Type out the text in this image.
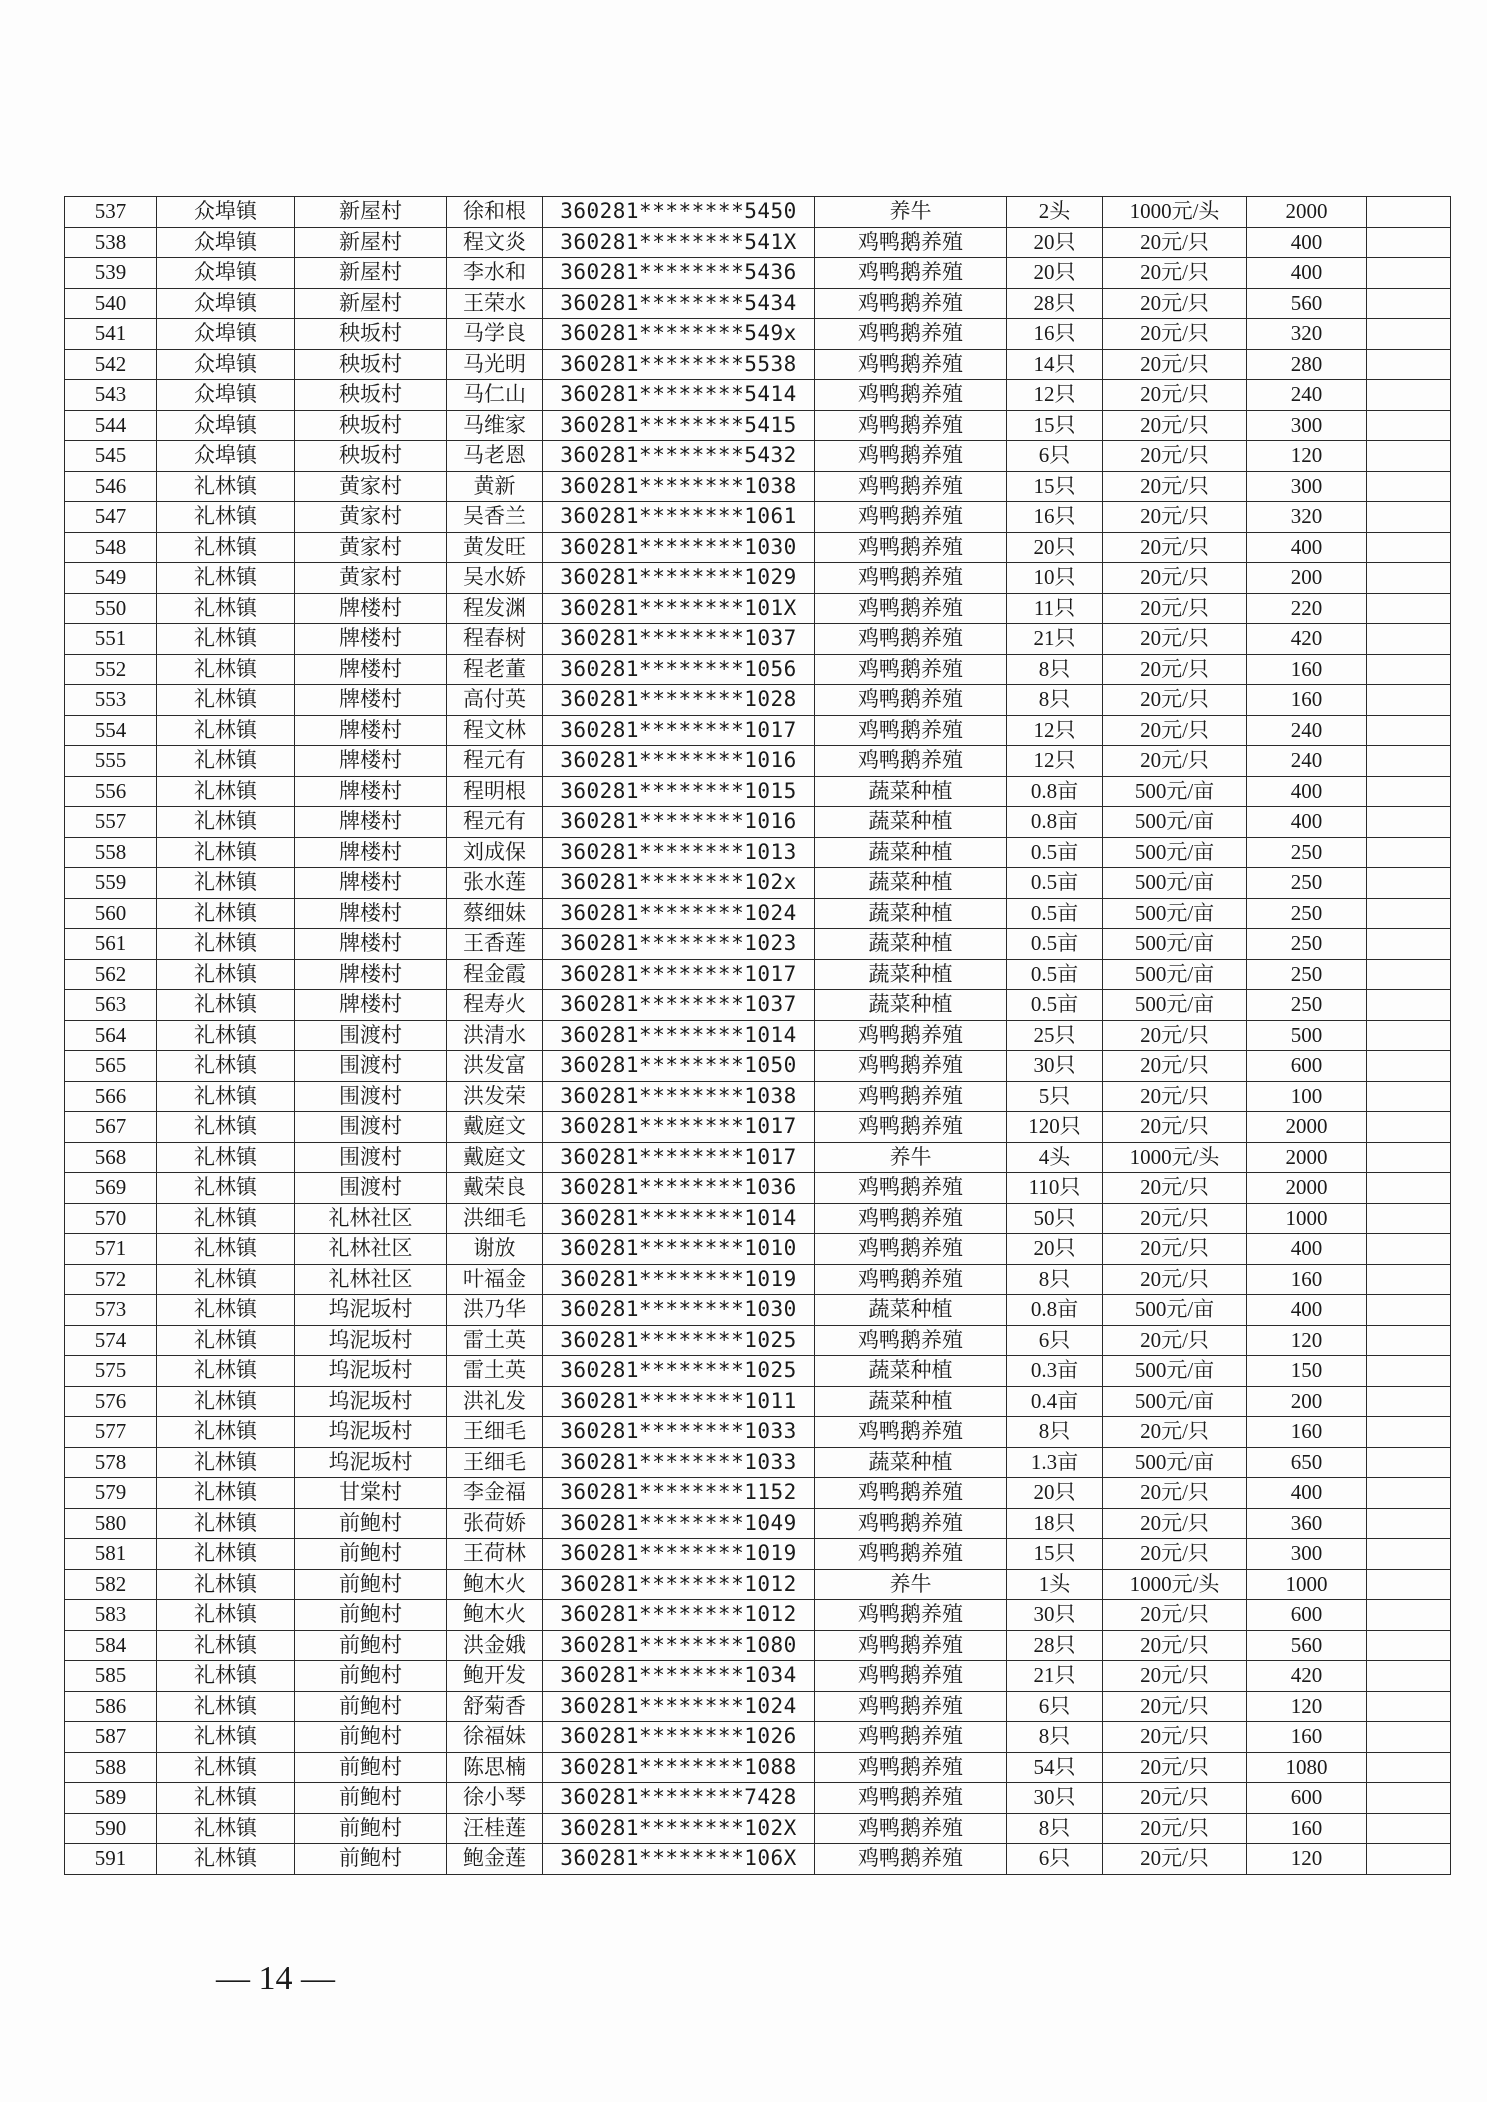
537	众埠镇	新屋村	徐和根	360281********5450	养牛	2头	1000元/头	2000	
538	众埠镇	新屋村	程文炎	360281********541X	鸡鸭鹅养殖	20只	20元/只	400	
539	众埠镇	新屋村	李水和	360281********5436	鸡鸭鹅养殖	20只	20元/只	400	
540	众埠镇	新屋村	王荣水	360281********5434	鸡鸭鹅养殖	28只	20元/只	560	
541	众埠镇	秧坂村	马学良	360281********549x	鸡鸭鹅养殖	16只	20元/只	320	
542	众埠镇	秧坂村	马光明	360281********5538	鸡鸭鹅养殖	14只	20元/只	280	
543	众埠镇	秧坂村	马仁山	360281********5414	鸡鸭鹅养殖	12只	20元/只	240	
544	众埠镇	秧坂村	马维家	360281********5415	鸡鸭鹅养殖	15只	20元/只	300	
545	众埠镇	秧坂村	马老恩	360281********5432	鸡鸭鹅养殖	6只	20元/只	120	
546	礼林镇	黄家村	黄新	360281********1038	鸡鸭鹅养殖	15只	20元/只	300	
547	礼林镇	黄家村	吴香兰	360281********1061	鸡鸭鹅养殖	16只	20元/只	320	
548	礼林镇	黄家村	黄发旺	360281********1030	鸡鸭鹅养殖	20只	20元/只	400	
549	礼林镇	黄家村	吴水娇	360281********1029	鸡鸭鹅养殖	10只	20元/只	200	
550	礼林镇	牌楼村	程发渊	360281********101X	鸡鸭鹅养殖	11只	20元/只	220	
551	礼林镇	牌楼村	程春树	360281********1037	鸡鸭鹅养殖	21只	20元/只	420	
552	礼林镇	牌楼村	程老董	360281********1056	鸡鸭鹅养殖	8只	20元/只	160	
553	礼林镇	牌楼村	高付英	360281********1028	鸡鸭鹅养殖	8只	20元/只	160	
554	礼林镇	牌楼村	程文林	360281********1017	鸡鸭鹅养殖	12只	20元/只	240	
555	礼林镇	牌楼村	程元有	360281********1016	鸡鸭鹅养殖	12只	20元/只	240	
556	礼林镇	牌楼村	程明根	360281********1015	蔬菜种植	0.8亩	500元/亩	400	
557	礼林镇	牌楼村	程元有	360281********1016	蔬菜种植	0.8亩	500元/亩	400	
558	礼林镇	牌楼村	刘成保	360281********1013	蔬菜种植	0.5亩	500元/亩	250	
559	礼林镇	牌楼村	张水莲	360281********102x	蔬菜种植	0.5亩	500元/亩	250	
560	礼林镇	牌楼村	蔡细妹	360281********1024	蔬菜种植	0.5亩	500元/亩	250	
561	礼林镇	牌楼村	王香莲	360281********1023	蔬菜种植	0.5亩	500元/亩	250	
562	礼林镇	牌楼村	程金霞	360281********1017	蔬菜种植	0.5亩	500元/亩	250	
563	礼林镇	牌楼村	程寿火	360281********1037	蔬菜种植	0.5亩	500元/亩	250	
564	礼林镇	围渡村	洪清水	360281********1014	鸡鸭鹅养殖	25只	20元/只	500	
565	礼林镇	围渡村	洪发富	360281********1050	鸡鸭鹅养殖	30只	20元/只	600	
566	礼林镇	围渡村	洪发荣	360281********1038	鸡鸭鹅养殖	5只	20元/只	100	
567	礼林镇	围渡村	戴庭文	360281********1017	鸡鸭鹅养殖	120只	20元/只	2000	
568	礼林镇	围渡村	戴庭文	360281********1017	养牛	4头	1000元/头	2000	
569	礼林镇	围渡村	戴荣良	360281********1036	鸡鸭鹅养殖	110只	20元/只	2000	
570	礼林镇	礼林社区	洪细毛	360281********1014	鸡鸭鹅养殖	50只	20元/只	1000	
571	礼林镇	礼林社区	谢放	360281********1010	鸡鸭鹅养殖	20只	20元/只	400	
572	礼林镇	礼林社区	叶福金	360281********1019	鸡鸭鹅养殖	8只	20元/只	160	
573	礼林镇	坞泥坂村	洪乃华	360281********1030	蔬菜种植	0.8亩	500元/亩	400	
574	礼林镇	坞泥坂村	雷土英	360281********1025	鸡鸭鹅养殖	6只	20元/只	120	
575	礼林镇	坞泥坂村	雷土英	360281********1025	蔬菜种植	0.3亩	500元/亩	150	
576	礼林镇	坞泥坂村	洪礼发	360281********1011	蔬菜种植	0.4亩	500元/亩	200	
577	礼林镇	坞泥坂村	王细毛	360281********1033	鸡鸭鹅养殖	8只	20元/只	160	
578	礼林镇	坞泥坂村	王细毛	360281********1033	蔬菜种植	1.3亩	500元/亩	650	
579	礼林镇	甘棠村	李金福	360281********1152	鸡鸭鹅养殖	20只	20元/只	400	
580	礼林镇	前鲍村	张荷娇	360281********1049	鸡鸭鹅养殖	18只	20元/只	360	
581	礼林镇	前鲍村	王荷林	360281********1019	鸡鸭鹅养殖	15只	20元/只	300	
582	礼林镇	前鲍村	鲍木火	360281********1012	养牛	1头	1000元/头	1000	
583	礼林镇	前鲍村	鲍木火	360281********1012	鸡鸭鹅养殖	30只	20元/只	600	
584	礼林镇	前鲍村	洪金娥	360281********1080	鸡鸭鹅养殖	28只	20元/只	560	
585	礼林镇	前鲍村	鲍开发	360281********1034	鸡鸭鹅养殖	21只	20元/只	420	
586	礼林镇	前鲍村	舒菊香	360281********1024	鸡鸭鹅养殖	6只	20元/只	120	
587	礼林镇	前鲍村	徐福妹	360281********1026	鸡鸭鹅养殖	8只	20元/只	160	
588	礼林镇	前鲍村	陈思楠	360281********1088	鸡鸭鹅养殖	54只	20元/只	1080	
589	礼林镇	前鲍村	徐小琴	360281********7428	鸡鸭鹅养殖	30只	20元/只	600	
590	礼林镇	前鲍村	汪桂莲	360281********102X	鸡鸭鹅养殖	8只	20元/只	160	
591	礼林镇	前鲍村	鲍金莲	360281********106X	鸡鸭鹅养殖	6只	20元/只	120	
— 14 —
